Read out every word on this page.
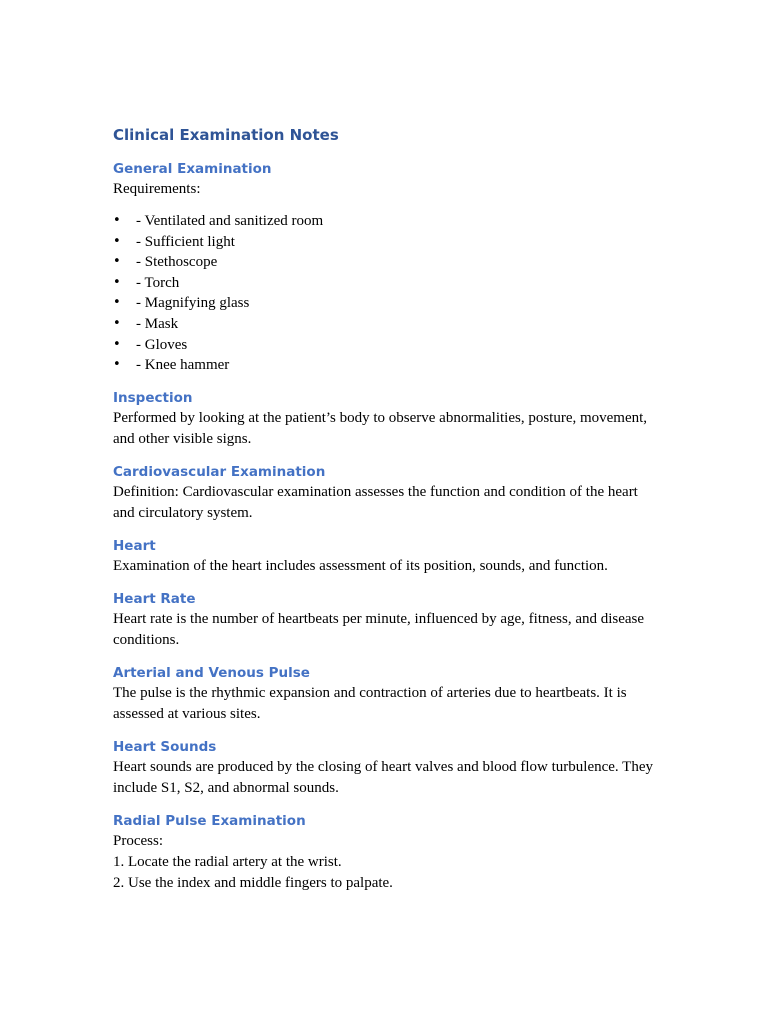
Clinical Examination Notes
General Examination
Requirements:
• - Ventilated and sanitized room
• - Sufficient light
• - Stethoscope
• - Torch
• - Magnifying glass
• - Mask
• - Gloves
• - Knee hammer
Inspection
Performed by looking at the patient’s body to observe abnormalities, posture, movement, and other visible signs.
Cardiovascular Examination
Definition: Cardiovascular examination assesses the function and condition of the heart and circulatory system.
Heart
Examination of the heart includes assessment of its position, sounds, and function.
Heart Rate
Heart rate is the number of heartbeats per minute, influenced by age, fitness, and disease conditions.
Arterial and Venous Pulse
The pulse is the rhythmic expansion and contraction of arteries due to heartbeats. It is assessed at various sites.
Heart Sounds
Heart sounds are produced by the closing of heart valves and blood flow turbulence. They include S1, S2, and abnormal sounds.
Radial Pulse Examination
Process:
1. Locate the radial artery at the wrist.
2. Use the index and middle fingers to palpate.
